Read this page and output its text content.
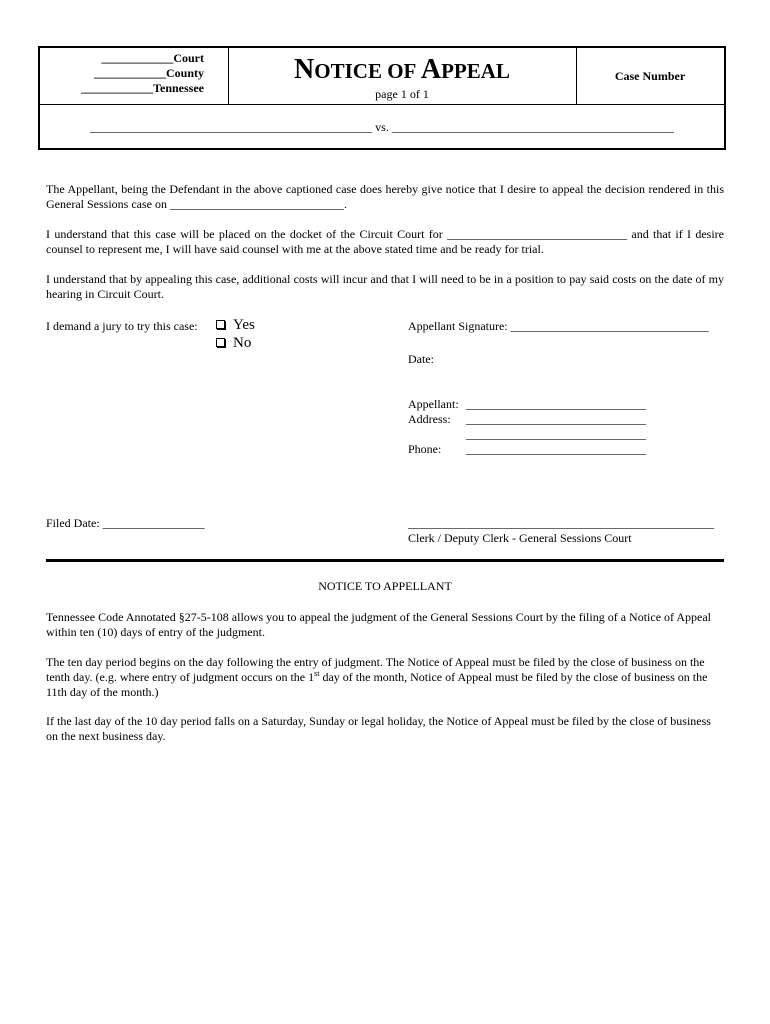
____________Court
____________County
____________Tennessee
NOTICE OF APPEAL
page 1 of 1
Case Number
_______________________________________________ vs. _______________________________________________

The Appellant, being the Defendant in the above captioned case does hereby give notice that I desire to appeal the decision rendered in this General Sessions case on _____________________________.

I understand that this case will be placed on the docket of the Circuit Court for ______________________________ and that if I desire counsel to represent me, I will have said counsel with me at the above stated time and be ready for trial.

I understand that by appealing this case, additional costs will incur and that I will need to be in a position to pay said costs on the date of my hearing in Circuit Court.

I demand a jury to try this case:	Yes
No

Appellant Signature: _________________________________

Date:

Appellant: ______________________________

Address: ______________________________

______________________________

Phone: ______________________________

Filed Date: _________________	___________________________________________________

Clerk / Deputy Clerk - General Sessions Court

NOTICE TO APPELLANT

Tennessee Code Annotated §27-5-108 allows you to appeal the judgment of the General Sessions Court by the filing of a Notice of Appeal within ten (10) days of entry of the judgment.

The ten day period begins on the day following the entry of judgment. The Notice of Appeal must be filed by the close of business on the tenth day. (e.g. where entry of judgment occurs on the 1st day of the month, Notice of Appeal must be filed by the close of business on the 11th day of the month.)

If the last day of the 10 day period falls on a Saturday, Sunday or legal holiday, the Notice of Appeal must be filed by the close of business on the next business day.
